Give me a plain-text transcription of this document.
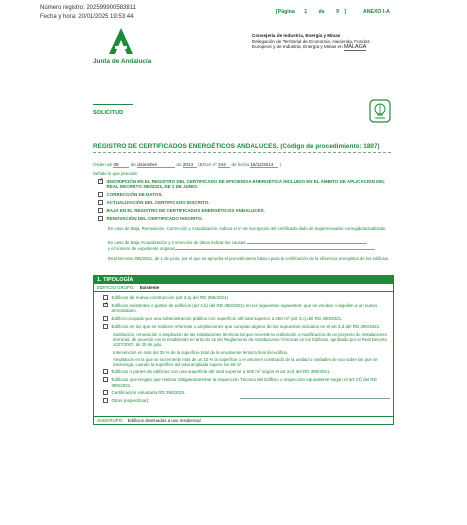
Número registro: 202599900583811
Fecha y hora: 20/01/2025 19:53:44
[Página 1 de 9 ]	ANEXO I-A
Junta de Andalucía
Consejería de Industria, Energía y Minas
Delegación de Territorial de Economía, Hacienda, Fondos
Europeos y de Industria, Energía y Minas en MÁLAGA
SOLICITUD
REGISTRO DE CERTIFICADOS ENERGÉTICOS ANDALUCES. (Código de procedimiento: 1807)
Orden de 09	de diciembre	de 2014 (BOJA nº 244 de fecha 16/12/2014 )
Señale lo que procede:
✓
INSCRIPCIÓN EN EL REGISTRO DEL CERTIFICADO DE EFICIENCIA ENERGÉTICA INCLUIDO EN EL ÁMBITO DE APLICACIÓN DEL REAL DECRETO 390/2021, DE 1 DE JUNIO.
CORRECCIÓN DE DATOS.
ACTUALIZACIÓN DEL CERTIFICADO INSCRITO.
BAJA EN EL REGISTRO DE CERTIFICADOS ENERGÉTICOS ANDALUCES.
RENOVACIÓN DEL CERTIFICADO INSCRITO.
En caso de Baja, Renovación, Corrección y Actualización, indicar el nº de inscripción del certificado dado de baja/renovado/ corregido/actualizado
En caso de Baja /Actualización y Corrección de datos indicar las causas:
y el número de expediente original:
Real Decreto 390/2021, de 1 de junio, por el que se aprueba el procedimiento básico para la certificación de la eficiencia energética de los edificios.
1. TIPOLOGÍA
EDIFICIO GRUPO: Existente
Edificios de nueva construcción (art 3.a) del RD 390/2021)
✓
Edificios existentes o partes de edificios (art 3.b) del RD 390/2021) en los siguientes supuestos: que se vendan o alquilen a un nuevo arrendatario.
Edificio ocupado por una Administración pública con superficie útil total superior a 250 m² (art 3.c) del RD 390/2021.
Edificios en los que se realicen reformas o ampliaciones que cumplan alguno de los supuestos incluidos en el art 3.d del RD 390/2021:
Sustitución, renovación o ampliación de las instalaciones térmicas tal que necesite la realización o modificación de un proyecto de instalaciones térmicas, de acuerdo con lo establecido en artículo 15 del Reglamento de Instalaciones Térmicas en los Edificios, aprobado por el Real Decreto 1027/2007, de 20 de julio.
Intervención en más del 25 % de la superficie total de la envolvente térmica final del edificio.
Ampliación en la que se incremente más de un 10 % la superficie o el volumen construido de la unidad o unidades de uso sobre las que se intervenga, cuando la superficie útil total ampliada supere los 50 m².
Edificios o partes de edificios con una superficie útil total superior a 500 m² según el art 3.e) del RD 390/2021.
Edificios que tengan que realizar obligatoriamente la Inspección Técnica del Edificio o inspección equivalente según el art 3.f) del RD 390/2021.
Certificación voluntaria RD 390/2021.
Otros (especificar):
SUBGRUPO: Edificios destinados a uso residencial
